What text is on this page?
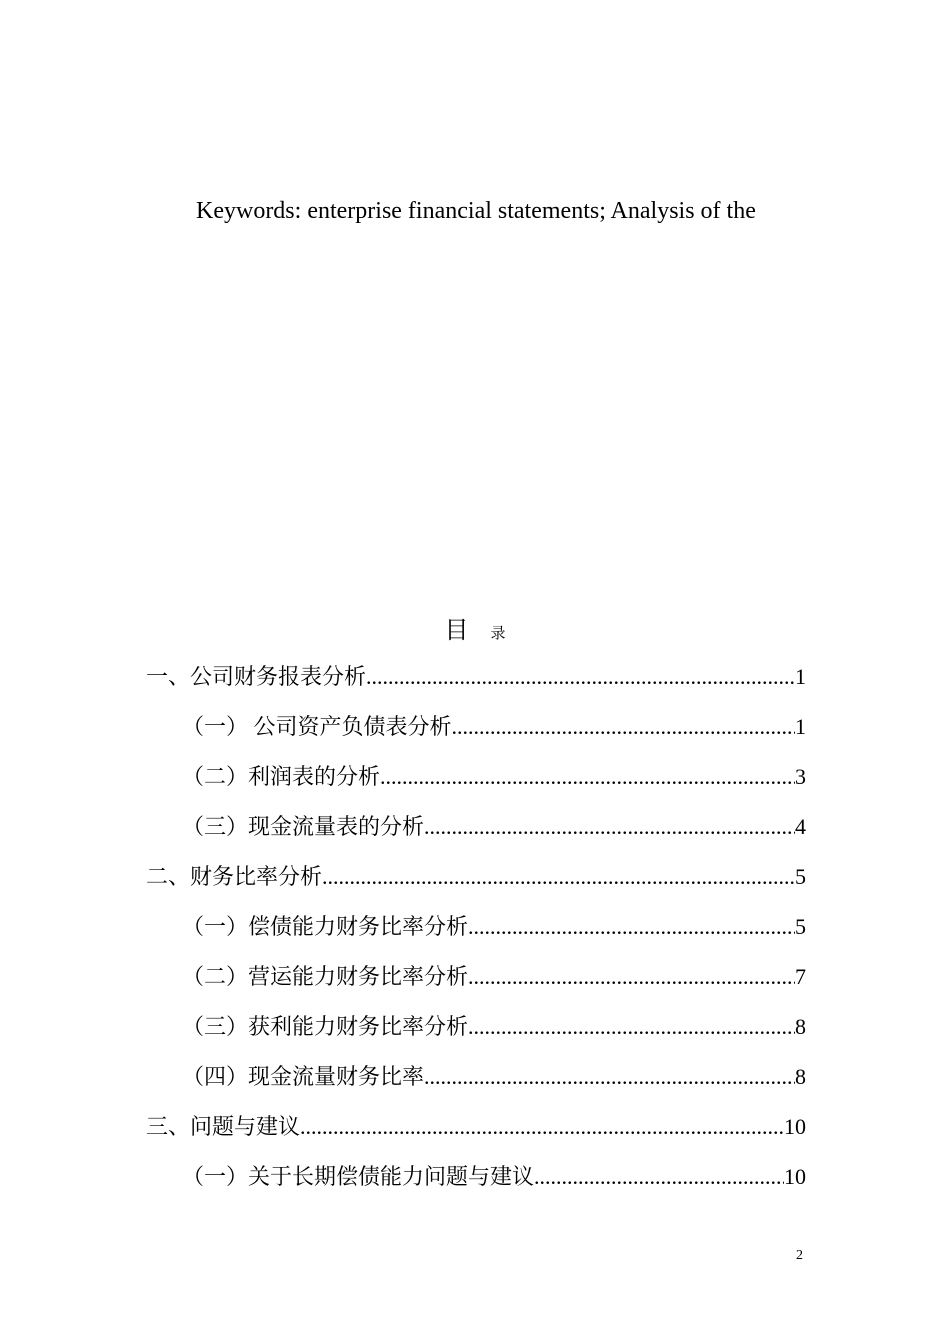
Keywords: enterprise financial statements; Analysis of the
目 录
一、公司财务报表分析 .....	1
（一） 公司资产负债表分析 .....	1
（二）利润表的分析 .....	3
（三）现金流量表的分析 .....	4
二、财务比率分析 .....	5
（一）偿债能力财务比率分析 .....	5
（二）营运能力财务比率分析 .....	7
（三）获利能力财务比率分析 .....	8
（四）现金流量财务比率 .....	8
三、问题与建议 .....	10
（一）关于长期偿债能力问题与建议 .....	10
2
